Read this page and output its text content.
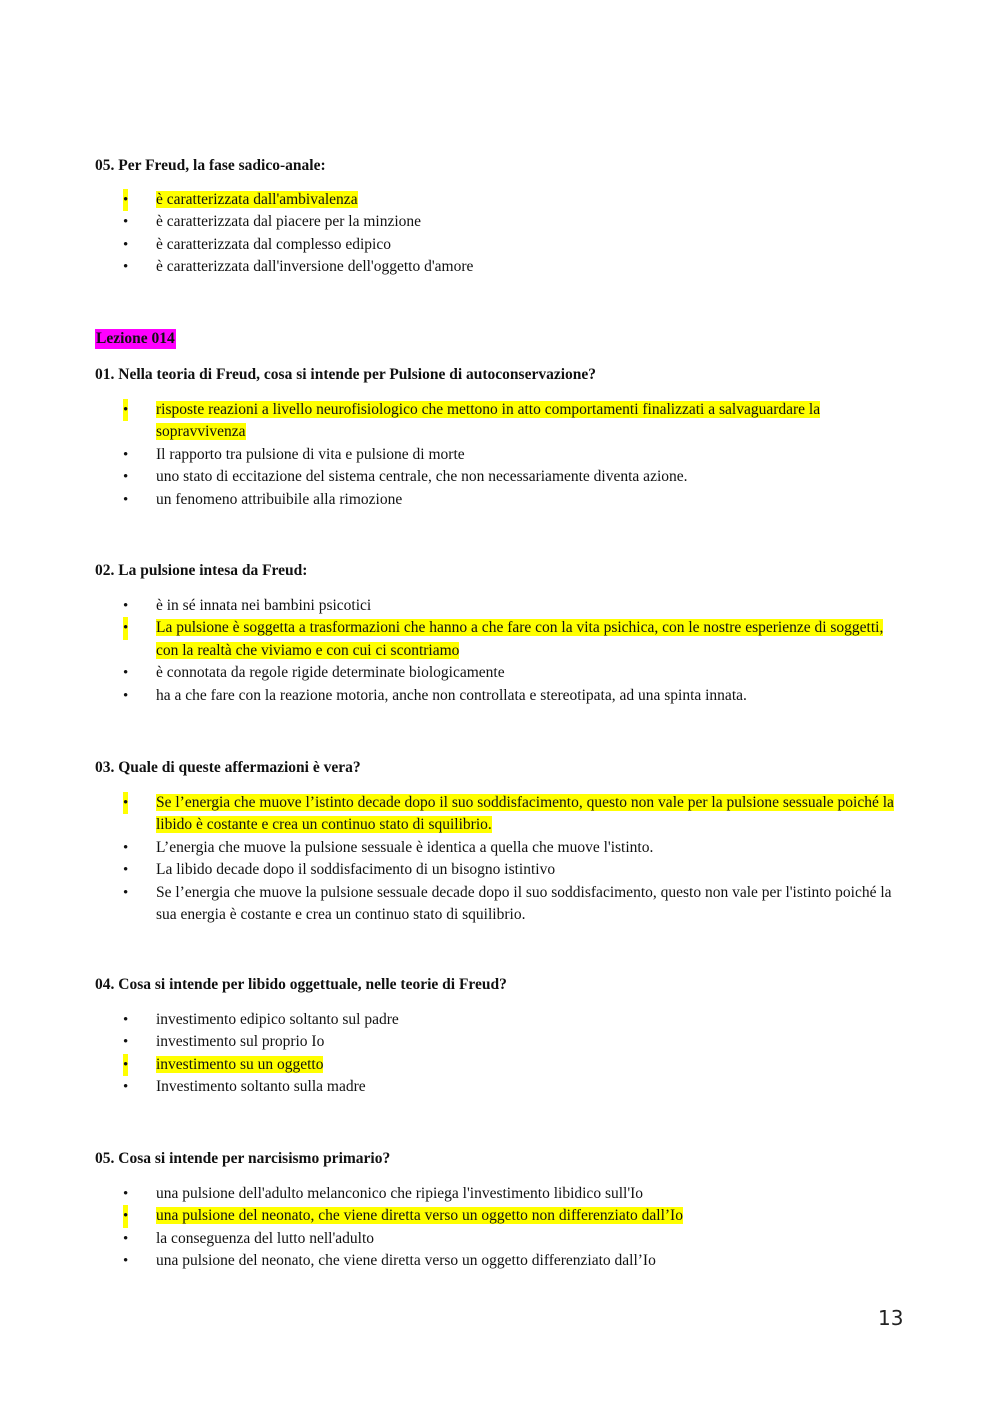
05. Per Freud, la fase sadico-anale:

• è caratterizzata dall'ambivalenza
• è caratterizzata dal piacere per la minzione
• è caratterizzata dal complesso edipico
• è caratterizzata dall'inversione dell'oggetto d'amore
Lezione 014

01. Nella teoria di Freud, cosa si intende per Pulsione di autoconservazione?

• risposte reazioni a livello neurofisiologico che mettono in atto comportamenti finalizzati a salvaguardare la sopravvivenza
• Il rapporto tra pulsione di vita e pulsione di morte
• uno stato di eccitazione del sistema centrale, che non necessariamente diventa azione.
• un fenomeno attribuibile alla rimozione

02. La pulsione intesa da Freud:

• è in sé innata nei bambini psicotici
• La pulsione è soggetta a trasformazioni che hanno a che fare con la vita psichica, con le nostre esperienze di soggetti, con la realtà che viviamo e con cui ci scontriamo
• è connotata da regole rigide determinate biologicamente
• ha a che fare con la reazione motoria, anche non controllata e stereotipata, ad una spinta innata.

03. Quale di queste affermazioni è vera?

• Se l’energia che muove l’istinto decade dopo il suo soddisfacimento, questo non vale per la pulsione sessuale poiché la libido è costante e crea un continuo stato di squilibrio.
• L’energia che muove la pulsione sessuale è identica a quella che muove l'istinto.
• La libido decade dopo il soddisfacimento di un bisogno istintivo
• Se l’energia che muove la pulsione sessuale decade dopo il suo soddisfacimento, questo non vale per l'istinto poiché la sua energia è costante e crea un continuo stato di squilibrio.

04. Cosa si intende per libido oggettuale, nelle teorie di Freud?

• investimento edipico soltanto sul padre
• investimento sul proprio Io
• investimento su un oggetto
• Investimento soltanto sulla madre

05. Cosa si intende per narcisismo primario?

• una pulsione dell'adulto melanconico che ripiega l'investimento libidico sull'Io
• una pulsione del neonato, che viene diretta verso un oggetto non differenziato dall’Io
• la conseguenza del lutto nell'adulto
• una pulsione del neonato, che viene diretta verso un oggetto differenziato dall’Io
13
